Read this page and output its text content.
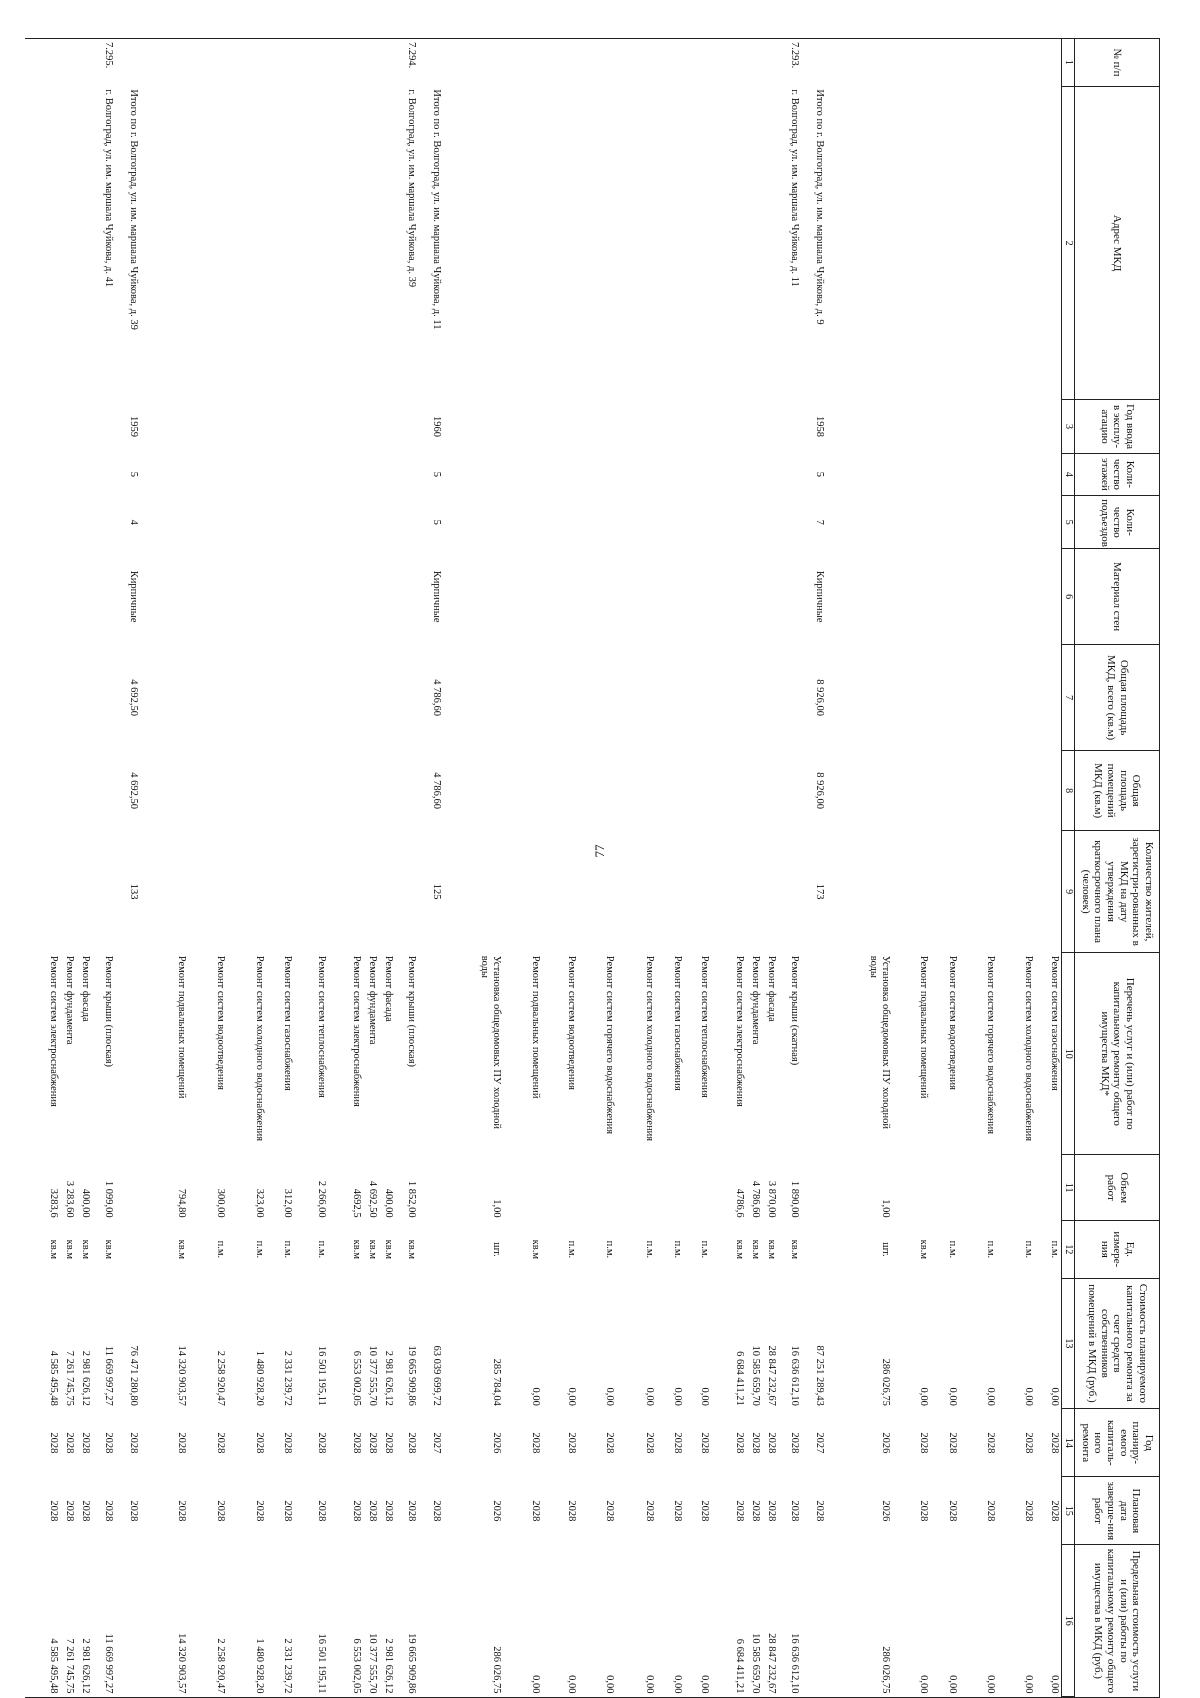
77
№ п/п	Адрес МКД	Год ввода в эксплу-атацию	Коли-чество этажей	Коли-чество подъездов	Материал стен	Общая площадь МКД, всего (кв.м)	Общая площадь помещений МКД (кв.м)	Количество жителей, зарегистри-рованных в МКД на дату утверждения краткосрочного плана (человек)	Перечень услуг и (или) работ по капитальному ремонту общего имущества МКД*	Объем работ	Ед. измере-ния	Стоимость планируемого капитального ремонта за счет средств собственников помещений в МКД (руб.)	Год планиру-емого капиталь-ного ремонта	Плановая дата заверше-ния работ	Предельная стоимость услуги и (или) работы по капитальному ремонту общего имущества в МКД (руб.)
1	2	3	4	5	6	7	8	9	10	11	12	13	14	15	16
									Ремонт систем газоснабжения		п.м.	0,00	2028	2028	0,00
									Ремонт систем холодного водоснабжения		п.м.	0,00	2028	2028	0,00
									Ремонт систем горячего водоснабжения		п.м.	0,00	2028	2028	0,00
									Ремонт систем водоотведения		п.м.	0,00	2028	2028	0,00
									Ремонт подвальных помещений		кв.м	0,00	2028	2028	0,00
									Установка общедомовых ПУ холодной воды	1,00	шт.	286 026,75	2026	2026	286 026,75
	Итого по г. Волгоград, ул. им. маршала Чуйкова, д. 9	1958	5	7	Кирпичные	8 926,00	8 926,00	173				87 251 289,43	2027	2028	
7.293.	г. Волгоград, ул. им. маршала Чуйкова, д. 11								Ремонт крыши (скатная)	1 890,00	кв.м	16 636 612,10	2028	2028	16 636 612,10
									Ремонт фасада	3 870,00	кв.м	28 847 232,67	2028	2028	28 847 232,67
									Ремонт фундамента	4 786,60	кв.м	10 585 659,70	2028	2028	10 585 659,70
									Ремонт систем электроснабжения	4786,6	кв.м	6 684 411,21	2028	2028	6 684 411,21
									Ремонт систем теплоснабжения		п.м.	0,00	2028	2028	0,00
									Ремонт систем газоснабжения		п.м.	0,00	2028	2028	0,00
									Ремонт систем холодного водоснабжения		п.м.	0,00	2028	2028	0,00
									Ремонт систем горячего водоснабжения		п.м.	0,00	2028	2028	0,00
									Ремонт систем водоотведения		п.м.	0,00	2028	2028	0,00
									Ремонт подвальных помещений		кв.м	0,00	2028	2028	0,00
									Установка общедомовых ПУ холодной воды	1,00	шт.	285 784,04	2026	2026	286 026,75
	Итого по г. Волгоград, ул. им. маршала Чуйкова, д. 11	1960	5	5	Кирпичные	4 786,60	4 786,60	125				63 039 699,72	2027	2028	
7.294.	г. Волгоград, ул. им. маршала Чуйкова, д. 39								Ремонт крыши (плоская)	1 852,00	кв.м	19 665 909,86	2028	2028	19 665 909,86
									Ремонт фасада	400,00	кв.м	2 981 626,12	2028	2028	2 981 626,12
									Ремонт фундамента	4 692,50	кв.м	10 377 555,70	2028	2028	10 377 555,70
									Ремонт систем электроснабжения	4692,5	кв.м	6 553 002,05	2028	2028	6 553 002,05
									Ремонт систем теплоснабжения	2 266,00	п.м.	16 501 195,11	2028	2028	16 501 195,11
									Ремонт систем газоснабжения	312,00	п.м.	2 331 239,72	2028	2028	2 331 239,72
									Ремонт систем холодного водоснабжения	323,00	п.м.	1 480 928,20	2028	2028	1 480 928,20
									Ремонт систем водоотведения	300,00	п.м.	2 258 920,47	2028	2028	2 258 920,47
									Ремонт подвальных помещений	794,80	кв.м	14 320 903,57	2028	2028	14 320 903,57
	Итого по г. Волгоград, ул. им. маршала Чуйкова, д. 39	1959	5	4	Кирпичные	4 692,50	4 692,50	133				76 471 280,80	2028	2028	
7.295.	г. Волгоград, ул. им. маршала Чуйкова, д. 41								Ремонт крыши (плоская)	1 099,00	кв.м	11 669 997,27	2028	2028	11 669 997,27
									Ремонт фасада	400,00	кв.м	2 981 626,12	2028	2028	2 981 626,12
									Ремонт фундамента	3 283,60	кв.м	7 261 745,75	2028	2028	7 261 745,75
									Ремонт систем электроснабжения	3283,6	кв.м	4 585 495,48	2028	2028	4 585 495,48
